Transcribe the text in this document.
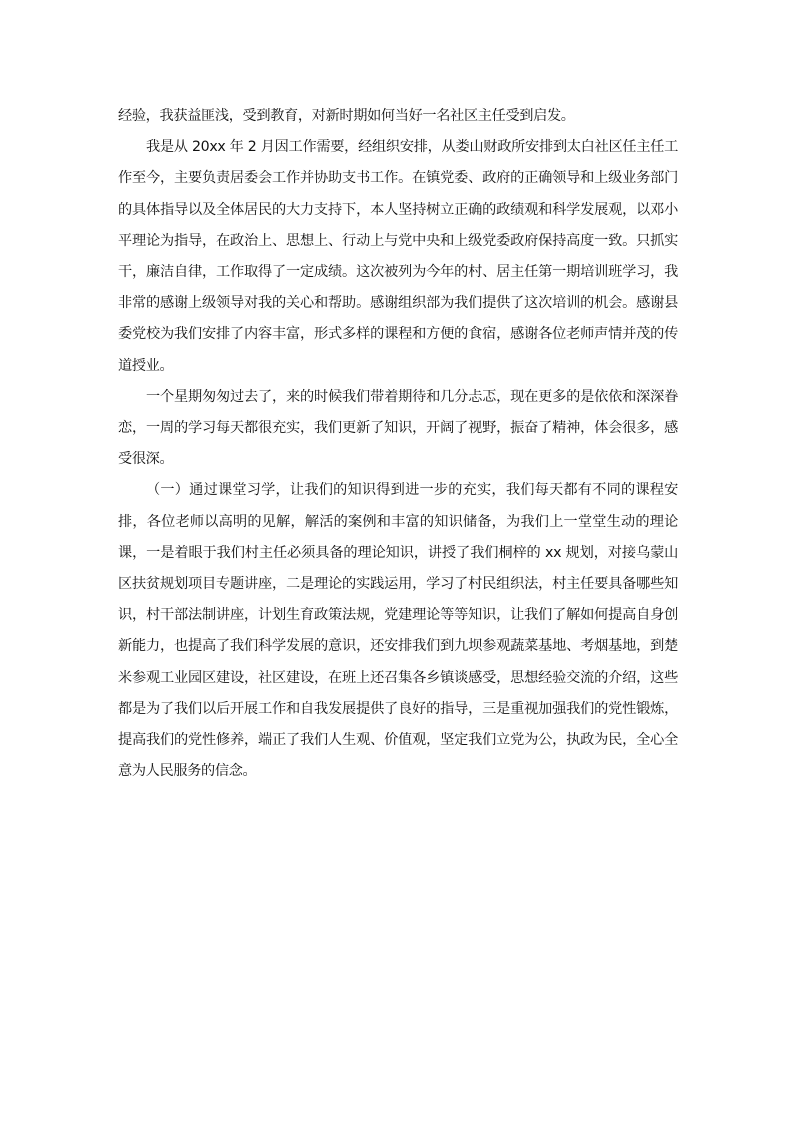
经验，我获益匪浅，受到教育，对新时期如何当好一名社区主任受到启发。

我是从 20xx 年 2 月因工作需要，经组织安排，从娄山财政所安排到太白社区任主任工作至今，主要负责居委会工作并协助支书工作。在镇党委、政府的正确领导和上级业务部门的具体指导以及全体居民的大力支持下，本人坚持树立正确的政绩观和科学发展观，以邓小平理论为指导，在政治上、思想上、行动上与党中央和上级党委政府保持高度一致。只抓实干，廉洁自律，工作取得了一定成绩。这次被列为今年的村、居主任第一期培训班学习，我非常的感谢上级领导对我的关心和帮助。感谢组织部为我们提供了这次培训的机会。感谢县委党校为我们安排了内容丰富，形式多样的课程和方便的食宿，感谢各位老师声情并茂的传道授业。

一个星期匆匆过去了，来的时候我们带着期待和几分忐忑，现在更多的是依依和深深眷恋，一周的学习每天都很充实，我们更新了知识，开阔了视野，振奋了精神，体会很多，感受很深。

（一）通过课堂习学，让我们的知识得到进一步的充实，我们每天都有不同的课程安排，各位老师以高明的见解，解活的案例和丰富的知识储备，为我们上一堂堂生动的理论课，一是着眼于我们村主任必须具备的理论知识，讲授了我们桐梓的 xx 规划，对接乌蒙山区扶贫规划项目专题讲座，二是理论的实践运用，学习了村民组织法，村主任要具备哪些知识，村干部法制讲座，计划生育政策法规，党建理论等等知识，让我们了解如何提高自身创新能力，也提高了我们科学发展的意识，还安排我们到九坝参观蔬菜基地、考烟基地，到楚米参观工业园区建设，社区建设，在班上还召集各乡镇谈感受，思想经验交流的介绍，这些都是为了我们以后开展工作和自我发展提供了良好的指导，三是重视加强我们的党性锻炼，提高我们的党性修养，端正了我们人生观、价值观，坚定我们立党为公，执政为民，全心全意为人民服务的信念。
